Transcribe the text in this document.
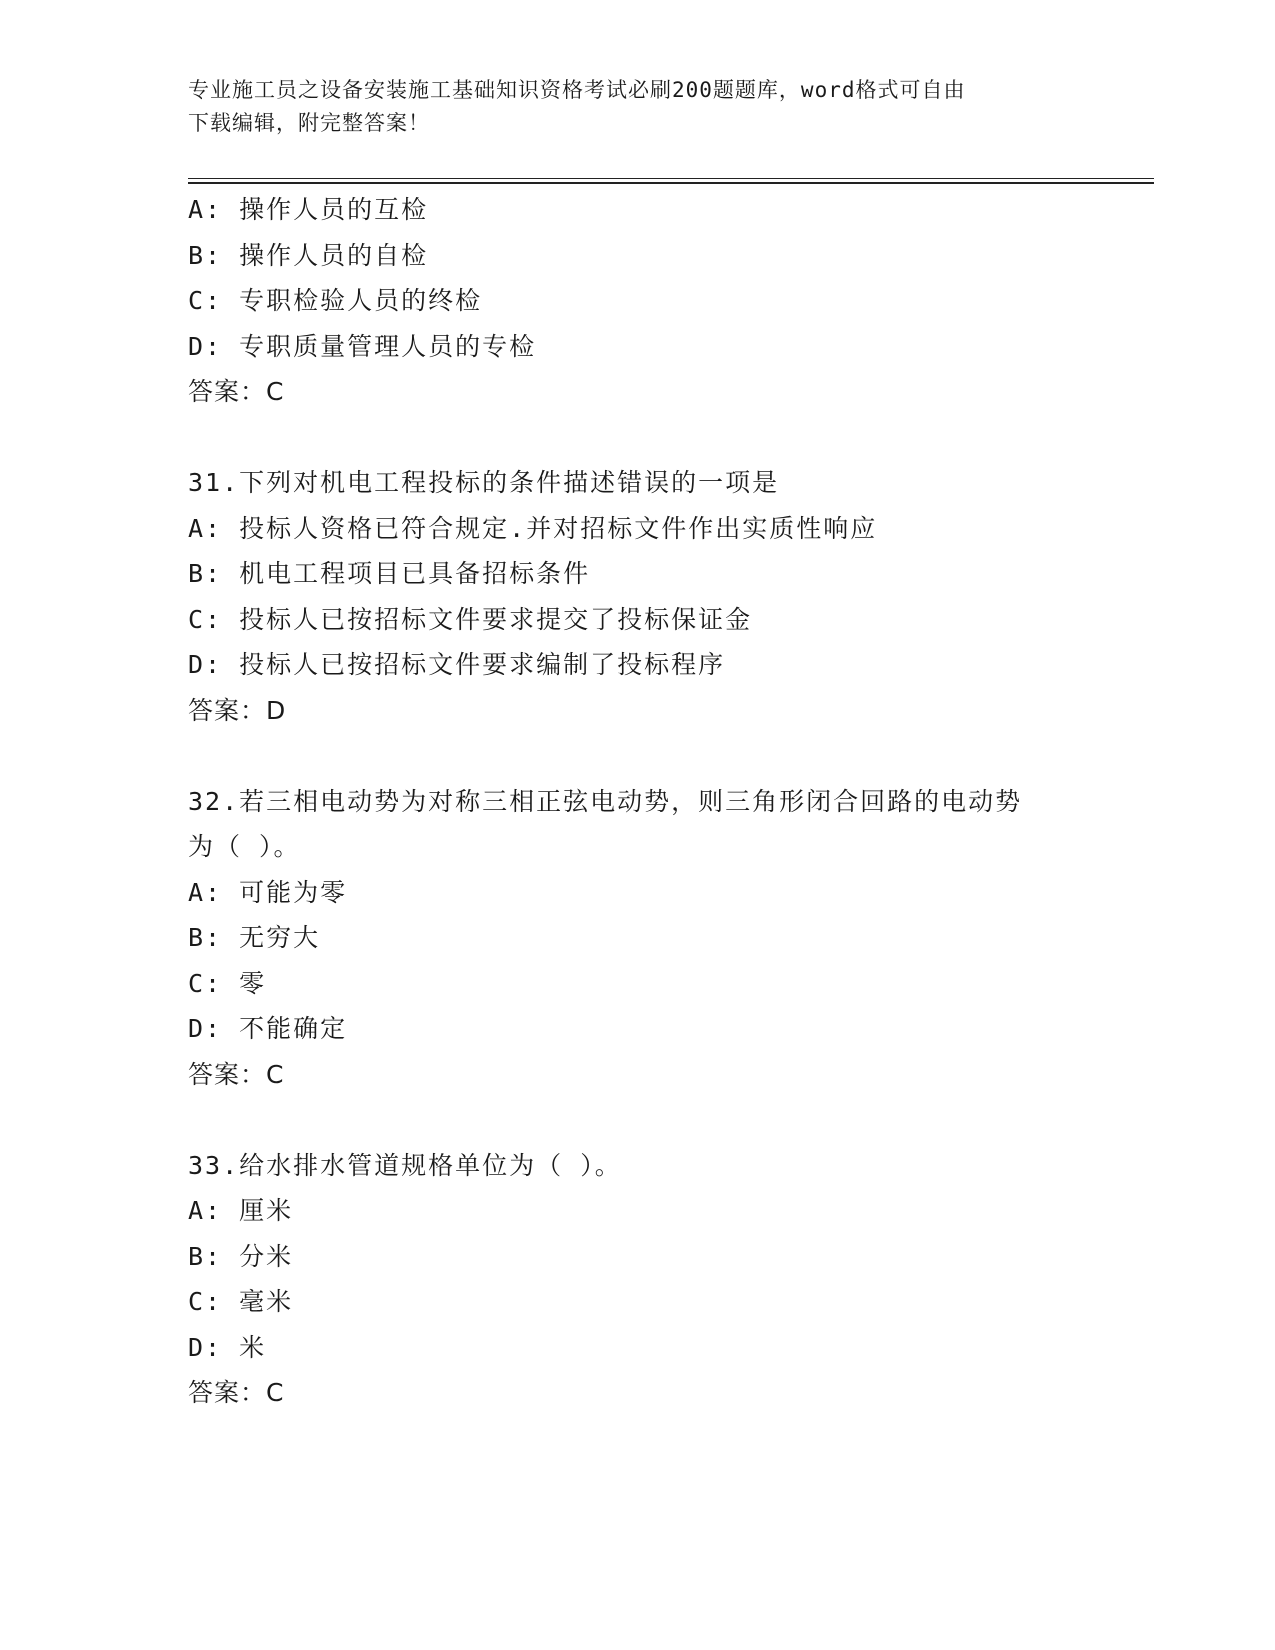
专业施工员之设备安装施工基础知识资格考试必刷200题题库，word格式可自由
下载编辑，附完整答案！
A: 操作人员的互检
B: 操作人员的自检
C: 专职检验人员的终检
D: 专职质量管理人员的专检
答案：C
31.下列对机电工程投标的条件描述错误的一项是
A: 投标人资格已符合规定.并对招标文件作出实质性响应
B: 机电工程项目已具备招标条件
C: 投标人已按招标文件要求提交了投标保证金
D: 投标人已按招标文件要求编制了投标程序
答案：D
32.若三相电动势为对称三相正弦电动势，则三角形闭合回路的电动势
为（ ）。
A: 可能为零
B: 无穷大
C: 零
D: 不能确定
答案：C
33.给水排水管道规格单位为（ ）。
A: 厘米
B: 分米
C: 毫米
D: 米
答案：C
